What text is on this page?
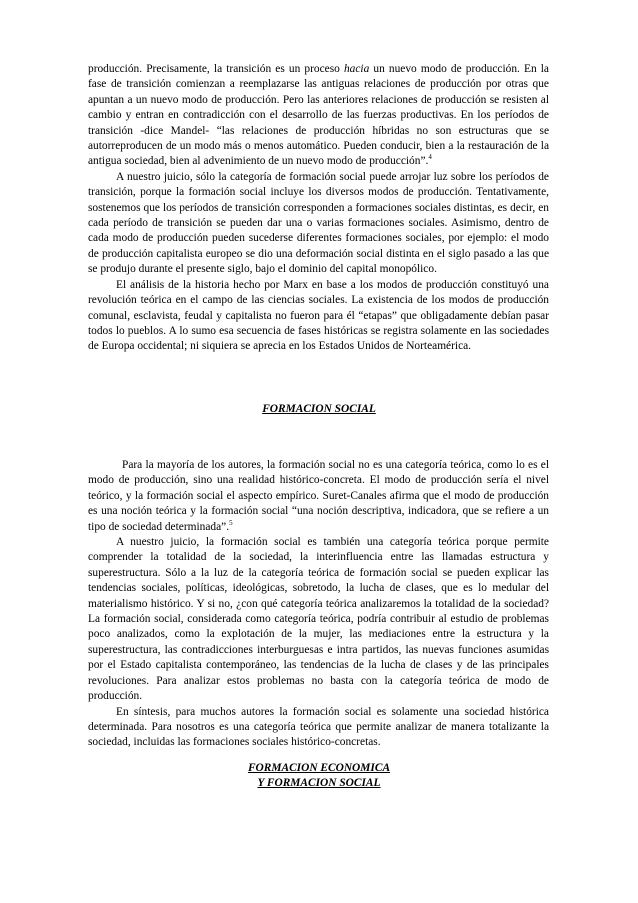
producción. Precisamente, la transición es un proceso hacia un nuevo modo de producción. En la fase de transición comienzan a reemplazarse las antiguas relaciones de producción por otras que apuntan a un nuevo modo de producción. Pero las anteriores relaciones de producción se resisten al cambio y entran en contradicción con el desarrollo de las fuerzas productivas. En los períodos de transición -dice Mandel- “las relaciones de producción híbridas no son estructuras que se autorreproducen de un modo más o menos automático. Pueden conducir, bien a la restauración de la antigua sociedad, bien al advenimiento de un nuevo modo de producción”.$^4$

A nuestro juicio, sólo la categoría de formación social puede arrojar luz sobre los períodos de transición, porque la formación social incluye los diversos modos de producción. Tentativamente, sostenemos que los períodos de transición corresponden a formaciones sociales distintas, es decir, en cada período de transición se pueden dar una o varias formaciones sociales. Asimismo, dentro de cada modo de producción pueden sucederse diferentes formaciones sociales, por ejemplo: el modo de producción capitalista europeo se dio una deformación social distinta en el siglo pasado a las que se produjo durante el presente siglo, bajo el dominio del capital monopólico.

El análisis de la historia hecho por Marx en base a los modos de producción constituyó una revolución teórica en el campo de las ciencias sociales. La existencia de los modos de producción comunal, esclavista, feudal y capitalista no fueron para él “etapas” que obligadamente debían pasar todos lo pueblos. A lo sumo esa secuencia de fases históricas se registra solamente en las sociedades de Europa occidental; ni siquiera se aprecia en los Estados Unidos de Norteamérica.

FORMACION SOCIAL

Para la mayoría de los autores, la formación social no es una categoría teórica, como lo es el modo de producción, sino una realidad histórico-concreta. El modo de producción sería el nivel teórico, y la formación social el aspecto empírico. Suret-Canales afirma que el modo de producción es una noción teórica y la formación social “una noción descriptiva, indicadora, que se refiere a un tipo de sociedad determinada”.$^5$

A nuestro juicio, la formación social es también una categoría teórica porque permite comprender la totalidad de la sociedad, la interinfluencia entre las llamadas estructura y superestructura. Sólo a la luz de la categoría teórica de formación social se pueden explicar las tendencias sociales, políticas, ideológicas, sobretodo, la lucha de clases, que es lo medular del materialismo histórico. Y si no, ¿con qué categoría teórica analizaremos la totalidad de la sociedad? La formación social, considerada como categoría teórica, podría contribuir al estudio de problemas poco analizados, como la explotación de la mujer, las mediaciones entre la estructura y la superestructura, las contradicciones interburguesas e intra partidos, las nuevas funciones asumidas por el Estado capitalista contemporáneo, las tendencias de la lucha de clases y de las principales revoluciones. Para analizar estos problemas no basta con la categoría teórica de modo de producción.

En síntesis, para muchos autores la formación social es solamente una sociedad histórica determinada. Para nosotros es una categoría teórica que permite analizar de manera totalizante la sociedad, incluidas las formaciones sociales histórico-concretas.

FORMACION ECONOMICA
Y FORMACION SOCIAL
